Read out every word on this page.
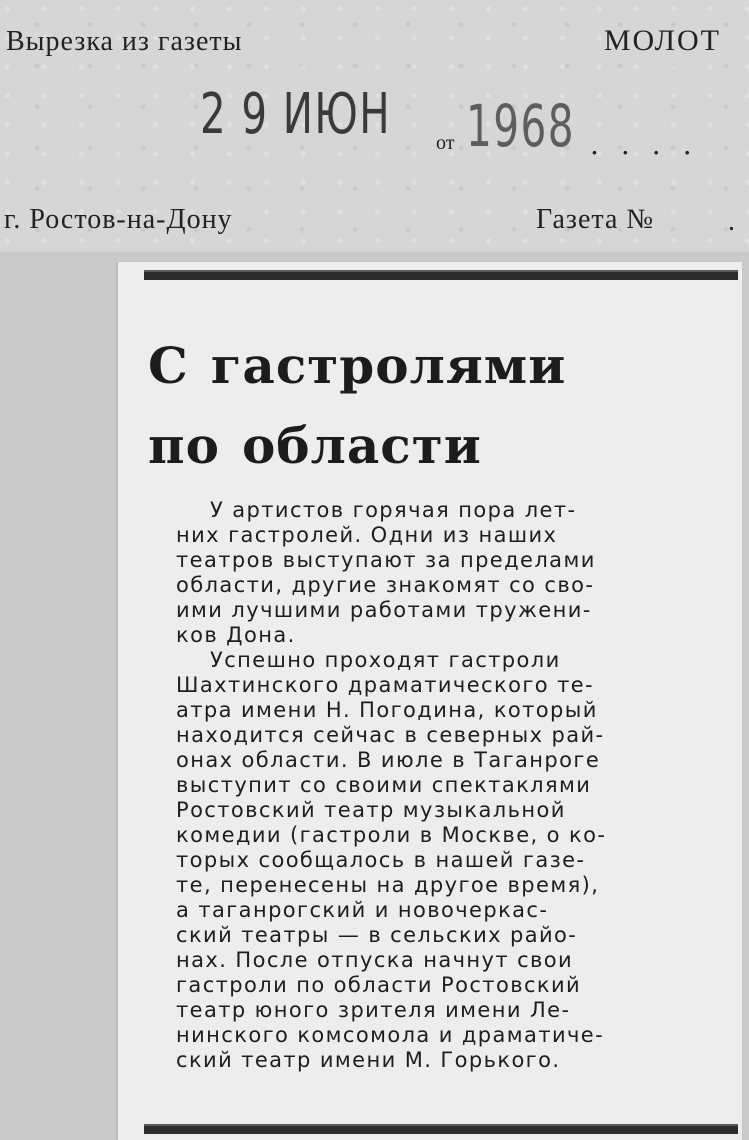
Вырезка из газеты	МОЛОТ
2 9 ИЮН от 1968 ....
г. Ростов-на-Дону	Газета №	.
С гастролями
по области

У артистов горячая пора лет-
них гастролей. Одни из наших
театров выступают за пределами
области, другие знакомят со сво-
ими лучшими работами тружени-
ков Дона.

Успешно проходят гастроли
Шахтинского драматического те-
атра имени Н. Погодина, который
находится сейчас в северных рай-
онах области. В июле в Таганроге
выступит со своими спектаклями
Ростовский театр музыкальной
комедии (гастроли в Москве, о ко-
торых сообщалось в нашей газе-
те, перенесены на другое время),
а таганрогский и новочеркас-
ский театры — в сельских райо-
нах. После отпуска начнут свои
гастроли по области Ростовский
театр юного зрителя имени Ле-
нинского комсомола и драматиче-
ский театр имени М. Горького.
